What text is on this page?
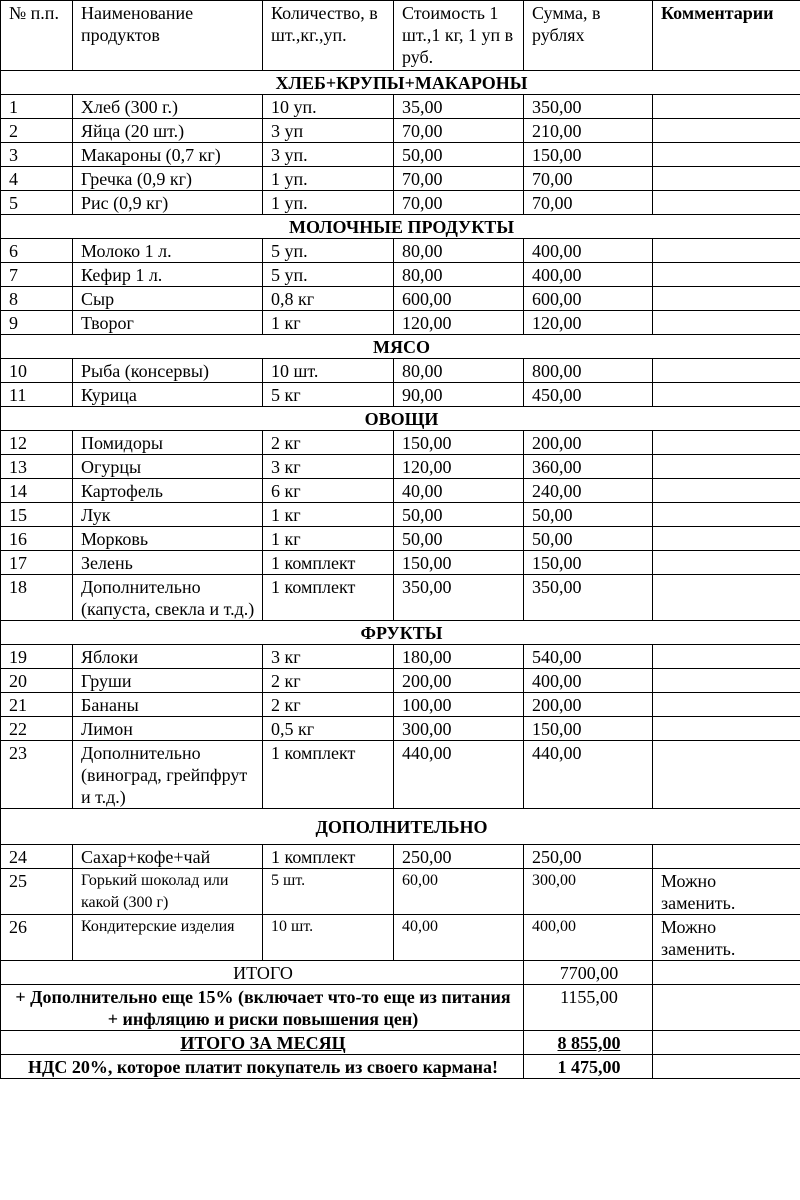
№ п.п.	Наименование продуктов	Количество, в шт.,кг.,уп.	Стоимость 1 шт.,1 кг, 1 уп в руб.	Сумма, в рублях	Комментарии
ХЛЕБ+КРУПЫ+МАКАРОНЫ					
1	Хлеб (300 г.)	10 уп.	35,00	350,00	
2	Яйца (20 шт.)	3 уп	70,00	210,00	
3	Макароны (0,7 кг)	3 уп.	50,00	150,00	
4	Гречка (0,9 кг)	1 уп.	70,00	70,00	
5	Рис (0,9 кг)	1 уп.	70,00	70,00	
МОЛОЧНЫЕ ПРОДУКТЫ					
6	Молоко 1 л.	5 уп.	80,00	400,00	
7	Кефир 1 л.	5 уп.	80,00	400,00	
8	Сыр	0,8 кг	600,00	600,00	
9	Творог	1 кг	120,00	120,00	
МЯСО					
10	Рыба (консервы)	10 шт.	80,00	800,00	
11	Курица	5 кг	90,00	450,00	
ОВОЩИ					
12	Помидоры	2 кг	150,00	200,00	
13	Огурцы	3 кг	120,00	360,00	
14	Картофель	6 кг	40,00	240,00	
15	Лук	1 кг	50,00	50,00	
16	Морковь	1 кг	50,00	50,00	
17	Зелень	1 комплект	150,00	150,00	
18	Дополнительно (капуста, свекла и т.д.)	1 комплект	350,00	350,00	
ФРУКТЫ					
19	Яблоки	3 кг	180,00	540,00	
20	Груши	2 кг	200,00	400,00	
21	Бананы	2 кг	100,00	200,00	
22	Лимон	0,5 кг	300,00	150,00	
23	Дополнительно (виноград, грейпфрут и т.д.)	1 комплект	440,00	440,00	
ДОПОЛНИТЕЛЬНО					
24	Сахар+кофе+чай	1 комплект	250,00	250,00	
25	Горький шоколад или какой (300 г)	5 шт.	60,00	300,00	Можно заменить.
26	Кондитерские изделия	10 шт.	40,00	400,00	Можно заменить.
ИТОГО				7700,00	
+ Дополнительно еще 15% (включает что-то еще из питания + инфляцию и риски повышения цен)				1155,00	
ИТОГО ЗА МЕСЯЦ				8 855,00	
НДС 20%, которое платит покупатель из своего кармана!				1 475,00	
